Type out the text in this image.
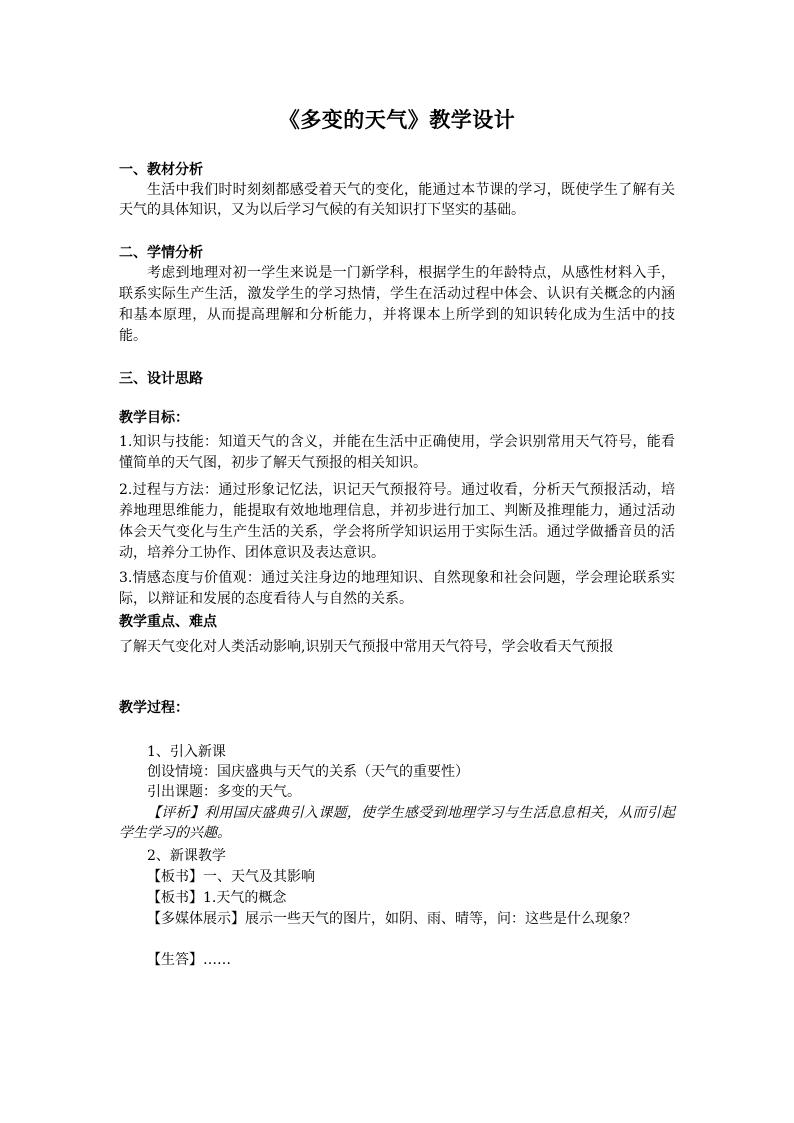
《多变的天气》教学设计
一、教材分析
生活中我们时时刻刻都感受着天气的变化，能通过本节课的学习，既使学生了解有关天气的具体知识，又为以后学习气候的有关知识打下坚实的基础。
二、学情分析
考虑到地理对初一学生来说是一门新学科，根据学生的年龄特点，从感性材料入手，联系实际生产生活，激发学生的学习热情，学生在活动过程中体会、认识有关概念的内涵和基本原理，从而提高理解和分析能力，并将课本上所学到的知识转化成为生活中的技能。
三、设计思路
教学目标：
1.知识与技能：知道天气的含义，并能在生活中正确使用，学会识别常用天气符号，能看懂简单的天气图，初步了解天气预报的相关知识。
2.过程与方法：通过形象记忆法，识记天气预报符号。通过收看，分析天气预报活动，培养地理思维能力，能提取有效地地理信息，并初步进行加工、判断及推理能力，通过活动体会天气变化与生产生活的关系，学会将所学知识运用于实际生活。通过学做播音员的活动，培养分工协作、团体意识及表达意识。
3.情感态度与价值观：通过关注身边的地理知识、自然现象和社会问题，学会理论联系实际，以辩证和发展的态度看待人与自然的关系。
教学重点、难点
了解天气变化对人类活动影响,识别天气预报中常用天气符号，学会收看天气预报
教学过程：
1、引入新课
创设情境：国庆盛典与天气的关系（天气的重要性）
引出课题：多变的天气。
【评析】利用国庆盛典引入课题，使学生感受到地理学习与生活息息相关，从而引起学生学习的兴趣。
2、新课教学
【板书】一、天气及其影响
【板书】1.天气的概念
【多媒体展示】展示一些天气的图片，如阴、雨、晴等，问：这些是什么现象？
【生答】……
